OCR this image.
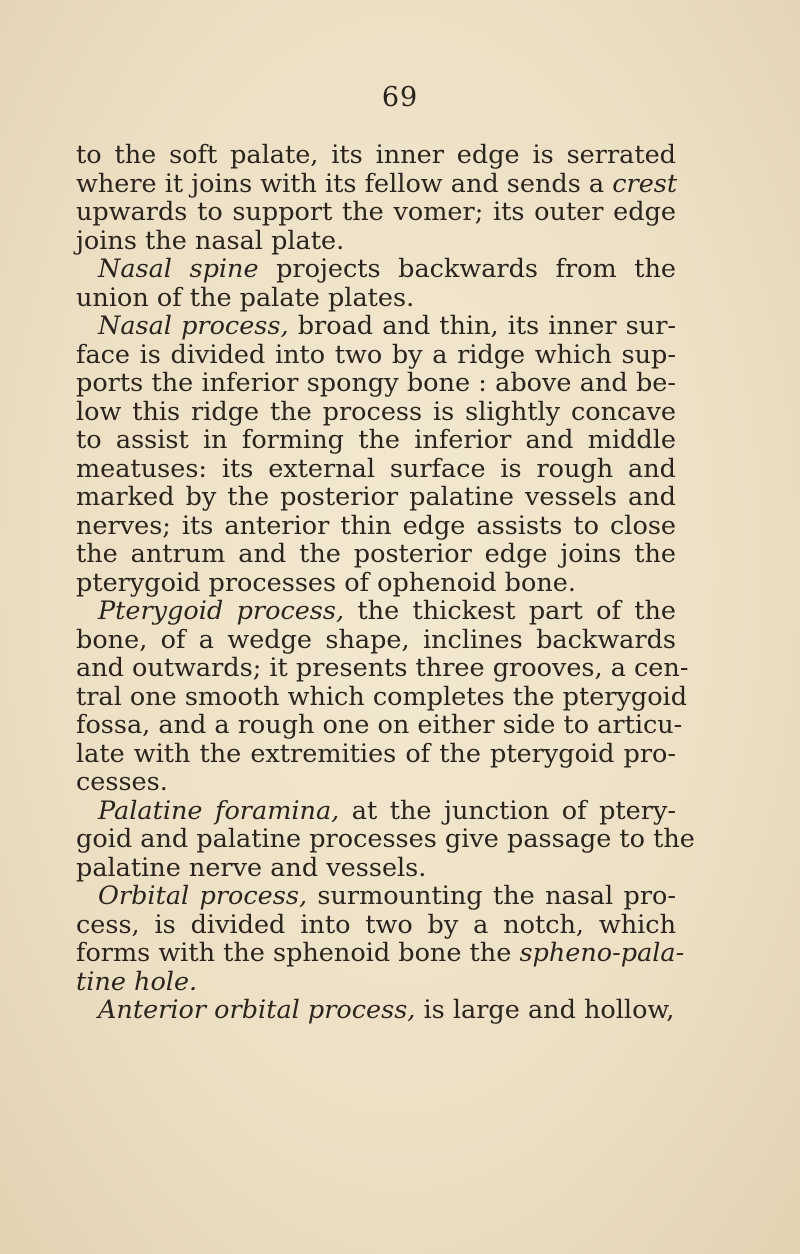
69
to the soft palate, its inner edge is serrated
where it joins with its fellow and sends a crest
upwards to support the vomer; its outer edge
joins the nasal plate.
Nasal spine projects backwards from the
union of the palate plates.
Nasal process, broad and thin, its inner sur-
face is divided into two by a ridge which sup-
ports the inferior spongy bone : above and be-
low this ridge the process is slightly concave
to assist in forming the inferior and middle
meatuses: its external surface is rough and
marked by the posterior palatine vessels and
nerves; its anterior thin edge assists to close
the antrum and the posterior edge joins the
pterygoid processes of ophenoid bone.
Pterygoid process, the thickest part of the
bone, of a wedge shape, inclines backwards
and outwards; it presents three grooves, a cen-
tral one smooth which completes the pterygoid
fossa, and a rough one on either side to articu-
late with the extremities of the pterygoid pro-
cesses.
Palatine foramina, at the junction of ptery-
goid and palatine processes give passage to the
palatine nerve and vessels.
Orbital process, surmounting the nasal pro-
cess, is divided into two by a notch, which
forms with the sphenoid bone the spheno-pala-
tine hole.
Anterior orbital process, is large and hollow,
